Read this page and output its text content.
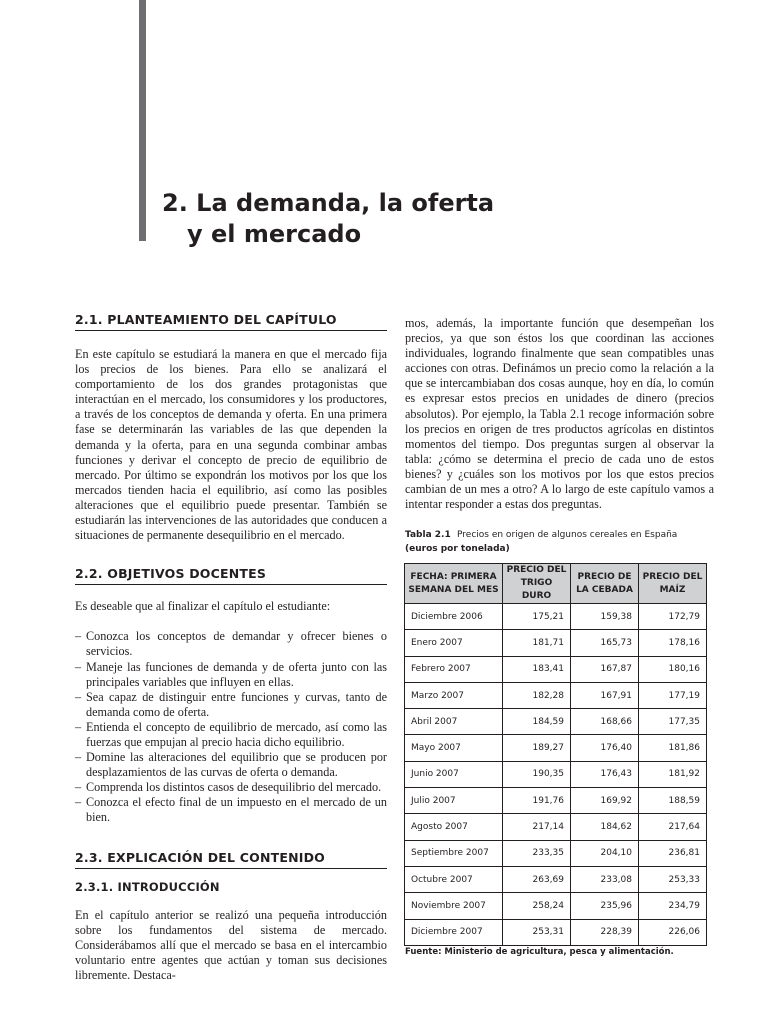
2. La demanda, la oferta
y el mercado
2.1. PLANTEAMIENTO DEL CAPÍTULO

En este capítulo se estudiará la manera en que el mercado fija los precios de los bienes. Para ello se analizará el comportamiento de los dos grandes protagonistas que interactúan en el mercado, los consumidores y los productores, a través de los conceptos de demanda y oferta. En una primera fase se determinarán las variables de las que dependen la demanda y la oferta, para en una segunda combinar ambas funciones y derivar el concepto de precio de equilibrio de mercado. Por último se expondrán los motivos por los que los mercados tienden hacia el equilibrio, así como las posibles alteraciones que el equilibrio puede presentar. También se estudiarán las intervenciones de las autoridades que conducen a situaciones de permanente desequilibrio en el mercado.

2.2. OBJETIVOS DOCENTES

Es deseable que al finalizar el capítulo el estudiante:

– Conozca los conceptos de demandar y ofrecer bienes o servicios.
– Maneje las funciones de demanda y de oferta junto con las principales variables que influyen en ellas.
– Sea capaz de distinguir entre funciones y curvas, tanto de demanda como de oferta.
– Entienda el concepto de equilibrio de mercado, así como las fuerzas que empujan al precio hacia dicho equilibrio.
– Domine las alteraciones del equilibrio que se producen por desplazamientos de las curvas de oferta o demanda.
– Comprenda los distintos casos de desequilibrio del mercado.
– Conozca el efecto final de un impuesto en el mercado de un bien.
2.3. EXPLICACIÓN DEL CONTENIDO
2.3.1. INTRODUCCIÓN

En el capítulo anterior se realizó una pequeña introducción sobre los fundamentos del sistema de mercado. Considerábamos allí que el mercado se basa en el intercambio voluntario entre agentes que actúan y toman sus decisiones libremente. Destaca-

mos, además, la importante función que desempeñan los precios, ya que son éstos los que coordinan las acciones individuales, logrando finalmente que sean compatibles unas acciones con otras. Definámos un precio como la relación a la que se intercambiaban dos cosas aunque, hoy en día, lo común es expresar estos precios en unidades de dinero (precios absolutos). Por ejemplo, la Tabla 2.1 recoge información sobre los precios en origen de tres productos agrícolas en distintos momentos del tiempo. Dos preguntas surgen al observar la tabla: ¿cómo se determina el precio de cada uno de estos bienes? y ¿cuáles son los motivos por los que estos precios cambian de un mes a otro? A lo largo de este capítulo vamos a intentar responder a estas dos preguntas.

Tabla 2.1 Precios en origen de algunos cereales en España
(euros por tonelada)
FECHA: PRIMERA SEMANA DEL MES	PRECIO DEL TRIGO DURO	PRECIO DE LA CEBADA	PRECIO DEL MAÍZ
Diciembre 2006	175,21	159,38	172,79
Enero 2007	181,71	165,73	178,16
Febrero 2007	183,41	167,87	180,16
Marzo 2007	182,28	167,91	177,19
Abril 2007	184,59	168,66	177,35
Mayo 2007	189,27	176,40	181,86
Junio 2007	190,35	176,43	181,92
Julio 2007	191,76	169,92	188,59
Agosto 2007	217,14	184,62	217,64
Septiembre 2007	233,35	204,10	236,81
Octubre 2007	263,69	233,08	253,33
Noviembre 2007	258,24	235,96	234,79
Diciembre 2007	253,31	228,39	226,06
Fuente: Ministerio de agricultura, pesca y alimentación.
